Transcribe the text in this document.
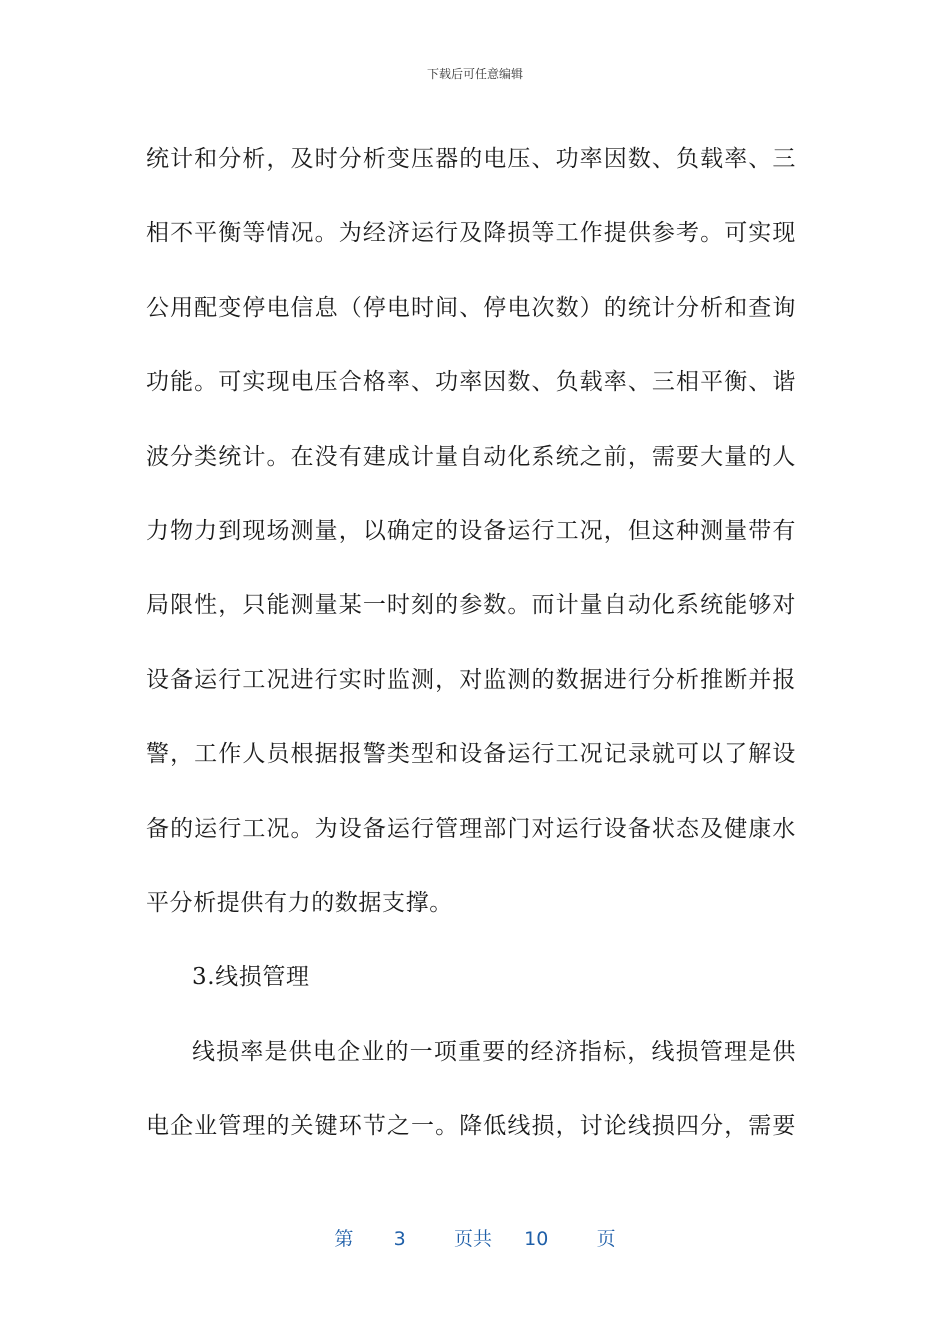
下载后可任意编辑
统计和分析，及时分析变压器的电压、功率因数、负载率、三
相不平衡等情况。为经济运行及降损等工作提供参考。可实现
公用配变停电信息（停电时间、停电次数）的统计分析和查询
功能。可实现电压合格率、功率因数、负载率、三相平衡、谐
波分类统计。在没有建成计量自动化系统之前，需要大量的人
力物力到现场测量，以确定的设备运行工况，但这种测量带有
局限性，只能测量某一时刻的参数。而计量自动化系统能够对
设备运行工况进行实时监测，对监测的数据进行分析推断并报
警，工作人员根据报警类型和设备运行工况记录就可以了解设
备的运行工况。为设备运行管理部门对运行设备状态及健康水
平分析提供有力的数据支撑。
3.线损管理
线损率是供电企业的一项重要的经济指标，线损管理是供
电企业管理的关键环节之一。降低线损，讨论线损四分，需要
第 3	页共 10	页
